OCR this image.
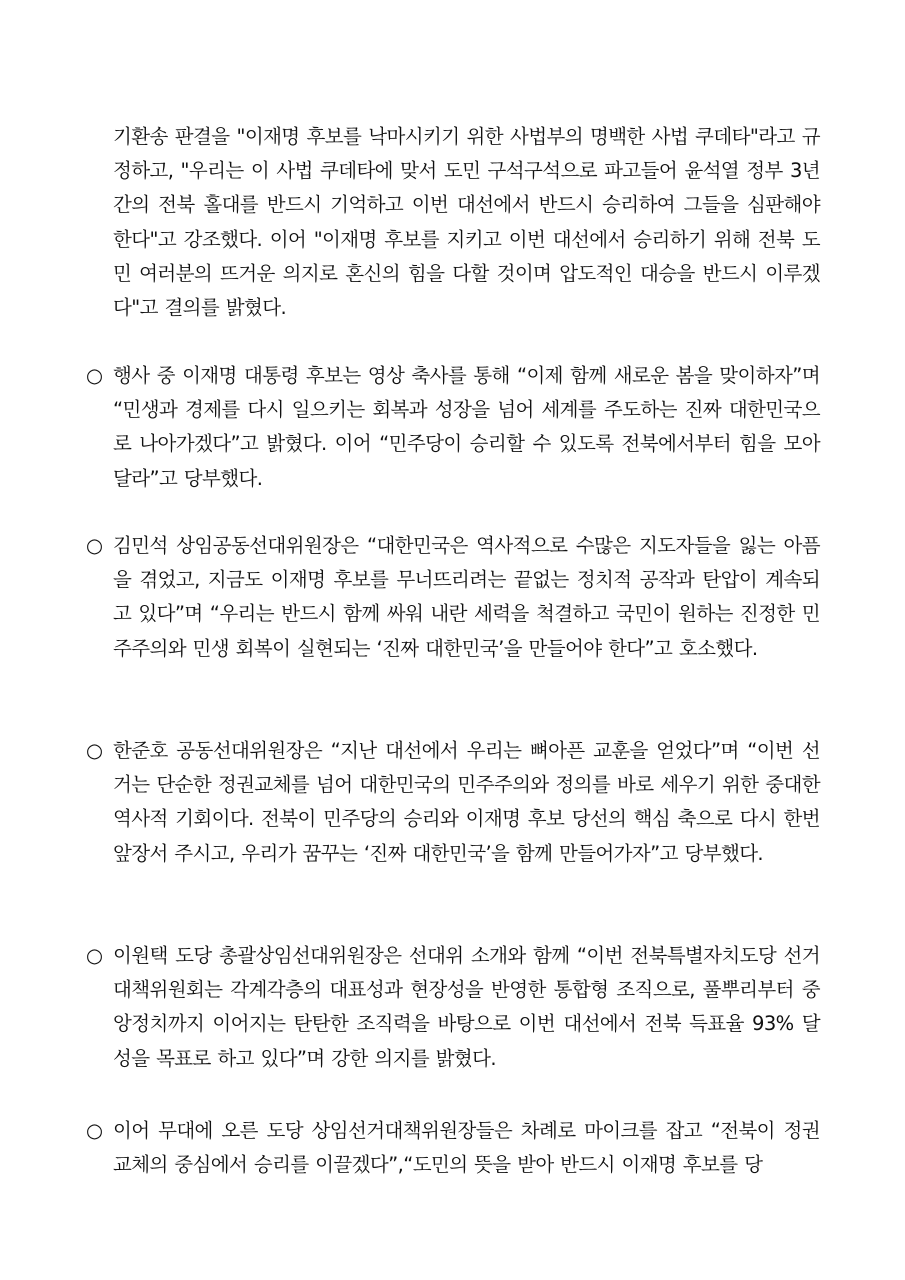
기환송 판결을 "이재명 후보를 낙마시키기 위한 사법부의 명백한 사법 쿠데타"라고 규정하고, "우리는 이 사법 쿠데타에 맞서 도민 구석구석으로 파고들어 윤석열 정부 3년간의 전북 홀대를 반드시 기억하고 이번 대선에서 반드시 승리하여 그들을 심판해야 한다"고 강조했다. 이어 "이재명 후보를 지키고 이번 대선에서 승리하기 위해 전북 도민 여러분의 뜨거운 의지로 혼신의 힘을 다할 것이며 압도적인 대승을 반드시 이루겠다"고 결의를 밝혔다.

○ 행사 중 이재명 대통령 후보는 영상 축사를 통해 “이제 함께 새로운 봄을 맞이하자”며 “민생과 경제를 다시 일으키는 회복과 성장을 넘어 세계를 주도하는 진짜 대한민국으로 나아가겠다”고 밝혔다. 이어 “민주당이 승리할 수 있도록 전북에서부터 힘을 모아 달라”고 당부했다.

○ 김민석 상임공동선대위원장은 “대한민국은 역사적으로 수많은 지도자들을 잃는 아픔을 겪었고, 지금도 이재명 후보를 무너뜨리려는 끝없는 정치적 공작과 탄압이 계속되고 있다”며 “우리는 반드시 함께 싸워 내란 세력을 척결하고 국민이 원하는 진정한 민주주의와 민생 회복이 실현되는 ‘진짜 대한민국’을 만들어야 한다”고 호소했다.

○ 한준호 공동선대위원장은 “지난 대선에서 우리는 뼈아픈 교훈을 얻었다”며 “이번 선거는 단순한 정권교체를 넘어 대한민국의 민주주의와 정의를 바로 세우기 위한 중대한 역사적 기회이다. 전북이 민주당의 승리와 이재명 후보 당선의 핵심 축으로 다시 한번 앞장서 주시고, 우리가 꿈꾸는 ‘진짜 대한민국’을 함께 만들어가자”고 당부했다.

○ 이원택 도당 총괄상임선대위원장은 선대위 소개와 함께 “이번 전북특별자치도당 선거대책위원회는 각계각층의 대표성과 현장성을 반영한 통합형 조직으로, 풀뿌리부터 중앙정치까지 이어지는 탄탄한 조직력을 바탕으로 이번 대선에서 전북 득표율 93% 달성을 목표로 하고 있다”며 강한 의지를 밝혔다.

○ 이어 무대에 오른 도당 상임선거대책위원장들은 차례로 마이크를 잡고 “전북이 정권교체의 중심에서 승리를 이끌겠다”,“도민의 뜻을 받아 반드시 이재명 후보를 당
